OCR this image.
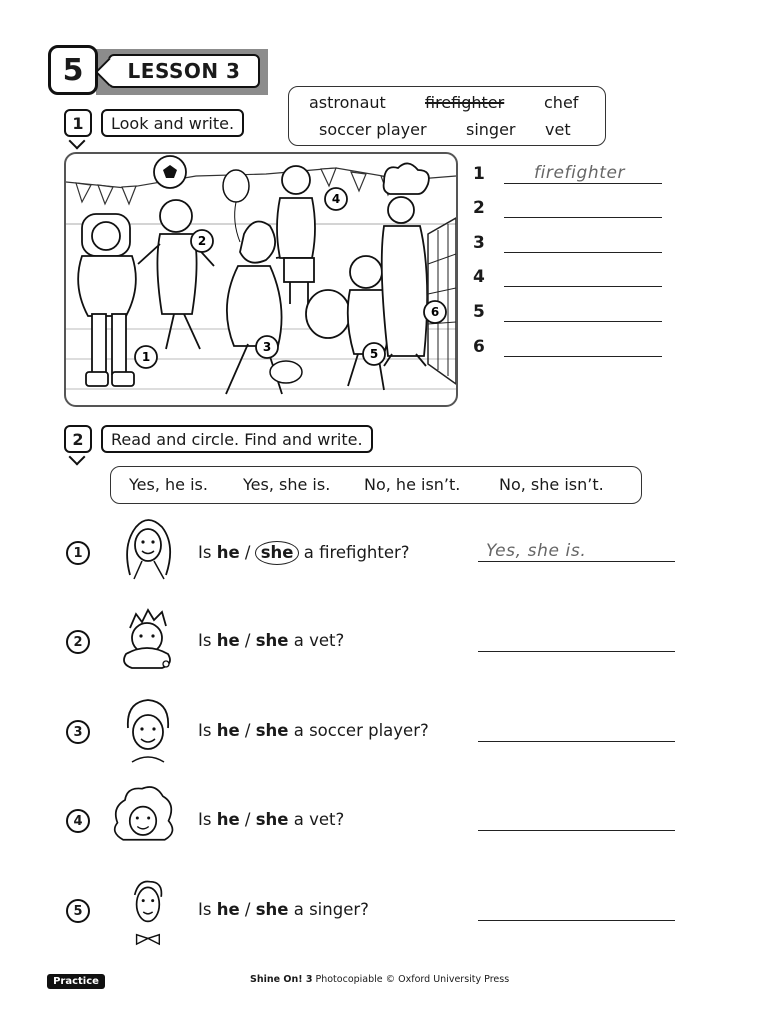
5	LESSON 3
1	Look and write.
astronaut firefighter chef
soccer player singer vet
1
2
3
4
5
6
1	firefighter
2
3
4
5
6
2	Read and circle. Find and write.
Yes, he is. Yes, she is. No, he isn’t. No, she isn’t.
1	Is he / she a firefighter?	Yes, she is.
2	Is he / she a vet?
3	Is he / she a soccer player?
4	Is he / she a vet?
5	Is he / she a singer?
Practice	Shine On! 3 Photocopiable © Oxford University Press
